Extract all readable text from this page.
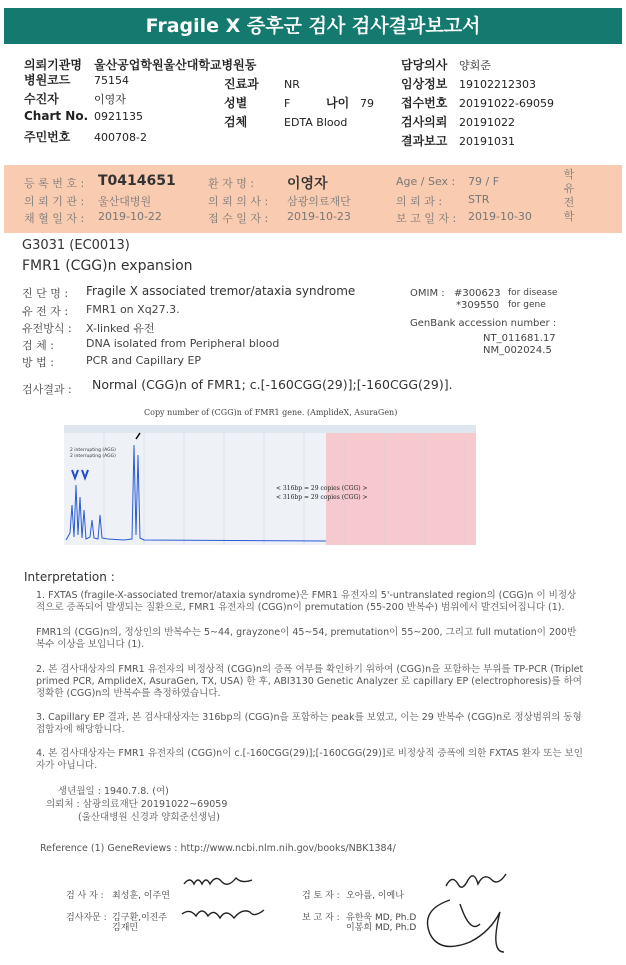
Fragile X 증후군 검사 검사결과보고서
의뢰기관명 울산공업학원울산대학교병원동
병원코드 75154
수진자	이영자
Chart No. 0921135
주민번호 400708-2
진료과 NR
성별	F	나이 79
검체	EDTA Blood
담당의사 양회준
임상정보 19102212303
접수번호 20191022-69059
검사의뢰 20191022
결과보고 20191031
등 록 번 호 : T0414651	환 자 명 : 이영자	Age / Sex : 79 / F
의 뢰 기 관 : 울산대병원	의 뢰 의 사 : 삼광의료재단	의 뢰 과 : STR
채 혈 일 자 : 2019-10-22	접 수 일 자 : 2019-10-23	보 고 일 자 : 2019-10-30
학유전학
G3031 (EC0013)
FMR1 (CGG)n expansion
진 단 명 : Fragile X associated tremor/ataxia syndrome
유 전 자 : FMR1 on Xq27.3.
유전방식 : X-linked 유전
검 체 :	DNA isolated from Peripheral blood
방 법 :	PCR and Capillary EP
OMIM : #300623 for disease
*309550 for gene
GenBank accession number :
NT_011681.17
NM_002024.5
검사결과 : Normal (CGG)n of FMR1; c.[-160CGG(29)];[-160CGG(29)].
Copy number of (CGG)n of FMR1 gene. (AmplideX, AsuraGen)
2 interrupting (AGG)
2 interrupting (AGG)
< 316bp = 29 copies (CGG) >
< 316bp = 29 copies (CGG) >
Interpretation :
1. FXTAS (fragile-X-associated tremor/ataxia syndrome)은 FMR1 유전자의 5'-untranslated region의 (CGG)n 이 비정상적으로 증폭되어 발생되는 질환으로, FMR1 유전자의 (CGG)n이 premutation (55-200 반복수) 범위에서 발견되어집니다 (1).
FMR1의 (CGG)n의, 정상인의 반복수는 5~44, grayzone이 45~54, premutation이 55~200, 그리고 full mutation이 200반복수 이상을 보입니다 (1).
2. 본 검사대상자의 FMR1 유전자의 비정상적 (CGG)n의 증폭 여부를 확인하기 위하여 (CGG)n을 포함하는 부위를 TP-PCR (Triplet primed PCR, AmplideX, AsuraGen, TX, USA) 한 후, ABI3130 Genetic Analyzer 로 capillary EP (electrophoresis)를 하여 정확한 (CGG)n의 반복수를 측정하였습니다.
3. Capillary EP 결과, 본 검사대상자는 316bp의 (CGG)n을 포함하는 peak를 보였고, 이는 29 반복수 (CGG)n로 정상범위의 동형접합자에 해당합니다.
4. 본 검사대상자는 FMR1 유전자의 (CGG)n이 c.[-160CGG(29)];[-160CGG(29)]로 비정상적 증폭에 의한 FXTAS 환자 또는 보인자가 아닙니다.
생년월일 : 1940.7.8. (여)
의뢰처 : 삼광의료재단 20191022~69059
(울산대병원 신경과 양회준선생님)
Reference (1) GeneReviews : http://www.ncbi.nlm.nih.gov/books/NBK1384/
검 사 자 : 최성훈, 이주연	검 토 자 : 오아름, 이예나
검사자문 : 김구환,이진주
김재민
보 고 자 : 유한욱 MD, Ph.D
이봉희 MD, Ph.D
